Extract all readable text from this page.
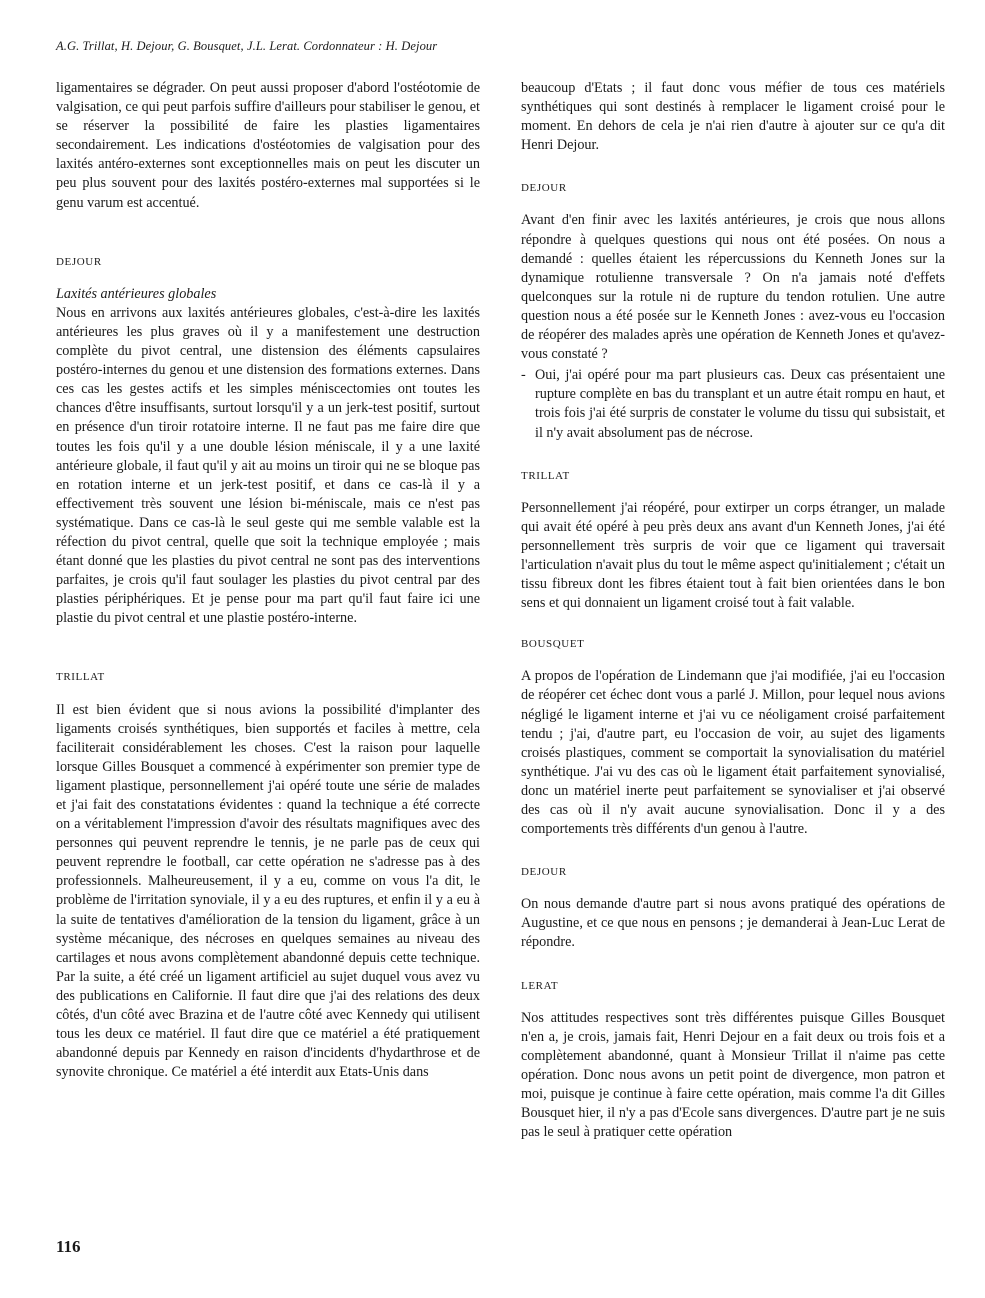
A.G. Trillat, H. Dejour, G. Bousquet, J.L. Lerat. Cordonnateur : H. Dejour

ligamentaires se dégrader. On peut aussi proposer d'abord l'ostéotomie de valgisation, ce qui peut parfois suffire d'ailleurs pour stabiliser le genou, et se réserver la possibilité de faire les plasties ligamentaires secondairement. Les indications d'ostéotomies de valgisation pour des laxités antéro-externes sont exceptionnelles mais on peut les discuter un peu plus souvent pour des laxités postéro-externes mal supportées si le genu varum est accentué.

DEJOUR

Laxités antérieures globales

Nous en arrivons aux laxités antérieures globales, c'est-à-dire les laxités antérieures les plus graves où il y a manifestement une destruction complète du pivot central, une distension des éléments capsulaires postéro-internes du genou et une distension des formations externes. Dans ces cas les gestes actifs et les simples méniscectomies ont toutes les chances d'être insuffisants, surtout lorsqu'il y a un jerk-test positif, surtout en présence d'un tiroir rotatoire interne. Il ne faut pas me faire dire que toutes les fois qu'il y a une double lésion méniscale, il y a une laxité antérieure globale, il faut qu'il y ait au moins un tiroir qui ne se bloque pas en rotation interne et un jerk-test positif, et dans ce cas-là il y a effectivement très souvent une lésion bi-méniscale, mais ce n'est pas systématique. Dans ce cas-là le seul geste qui me semble valable est la réfection du pivot central, quelle que soit la technique employée ; mais étant donné que les plasties du pivot central ne sont pas des interventions parfaites, je crois qu'il faut soulager les plasties du pivot central par des plasties périphériques. Et je pense pour ma part qu'il faut faire ici une plastie du pivot central et une plastie postéro-interne.

TRILLAT

Il est bien évident que si nous avions la possibilité d'implanter des ligaments croisés synthétiques, bien supportés et faciles à mettre, cela faciliterait considérablement les choses. C'est la raison pour laquelle lorsque Gilles Bousquet a commencé à expérimenter son premier type de ligament plastique, personnellement j'ai opéré toute une série de malades et j'ai fait des constatations évidentes : quand la technique a été correcte on a véritablement l'impression d'avoir des résultats magnifiques avec des personnes qui peuvent reprendre le tennis, je ne parle pas de ceux qui peuvent reprendre le football, car cette opération ne s'adresse pas à des professionnels. Malheureusement, il y a eu, comme on vous l'a dit, le problème de l'irritation synoviale, il y a eu des ruptures, et enfin il y a eu à la suite de tentatives d'amélioration de la tension du ligament, grâce à un système mécanique, des nécroses en quelques semaines au niveau des cartilages et nous avons complètement abandonné depuis cette technique. Par la suite, a été créé un ligament artificiel au sujet duquel vous avez vu des publications en Californie. Il faut dire que j'ai des relations des deux côtés, d'un côté avec Brazina et de l'autre côté avec Kennedy qui utilisent tous les deux ce matériel. Il faut dire que ce matériel a été pratiquement abandonné depuis par Kennedy en raison d'incidents d'hydarthrose et de synovite chronique. Ce matériel a été interdit aux Etats-Unis dans

beaucoup d'Etats ; il faut donc vous méfier de tous ces matériels synthétiques qui sont destinés à remplacer le ligament croisé pour le moment. En dehors de cela je n'ai rien d'autre à ajouter sur ce qu'a dit Henri Dejour.

DEJOUR

Avant d'en finir avec les laxités antérieures, je crois que nous allons répondre à quelques questions qui nous ont été posées. On nous a demandé : quelles étaient les répercussions du Kenneth Jones sur la dynamique rotulienne transversale ? On n'a jamais noté d'effets quelconques sur la rotule ni de rupture du tendon rotulien. Une autre question nous a été posée sur le Kenneth Jones : avez-vous eu l'occasion de réopérer des malades après une opération de Kenneth Jones et qu'avez-vous constaté ?

- Oui, j'ai opéré pour ma part plusieurs cas. Deux cas présentaient une rupture complète en bas du transplant et un autre était rompu en haut, et trois fois j'ai été surpris de constater le volume du tissu qui subsistait, et il n'y avait absolument pas de nécrose.

TRILLAT

Personnellement j'ai réopéré, pour extirper un corps étranger, un malade qui avait été opéré à peu près deux ans avant d'un Kenneth Jones, j'ai été personnellement très surpris de voir que ce ligament qui traversait l'articulation n'avait plus du tout le même aspect qu'initialement ; c'était un tissu fibreux dont les fibres étaient tout à fait bien orientées dans le bon sens et qui donnaient un ligament croisé tout à fait valable.

BOUSQUET

A propos de l'opération de Lindemann que j'ai modifiée, j'ai eu l'occasion de réopérer cet échec dont vous a parlé J. Millon, pour lequel nous avions négligé le ligament interne et j'ai vu ce néoligament croisé parfaitement tendu ; j'ai, d'autre part, eu l'occasion de voir, au sujet des ligaments croisés plastiques, comment se comportait la synovialisation du matériel synthétique. J'ai vu des cas où le ligament était parfaitement synovialisé, donc un matériel inerte peut parfaitement se synovialiser et j'ai observé des cas où il n'y avait aucune synovialisation. Donc il y a des comportements très différents d'un genou à l'autre.

DEJOUR

On nous demande d'autre part si nous avons pratiqué des opérations de Augustine, et ce que nous en pensons ; je demanderai à Jean-Luc Lerat de répondre.

LERAT

Nos attitudes respectives sont très différentes puisque Gilles Bousquet n'en a, je crois, jamais fait, Henri Dejour en a fait deux ou trois fois et a complètement abandonné, quant à Monsieur Trillat il n'aime pas cette opération. Donc nous avons un petit point de divergence, mon patron et moi, puisque je continue à faire cette opération, mais comme l'a dit Gilles Bousquet hier, il n'y a pas d'Ecole sans divergences. D'autre part je ne suis pas le seul à pratiquer cette opération

116
